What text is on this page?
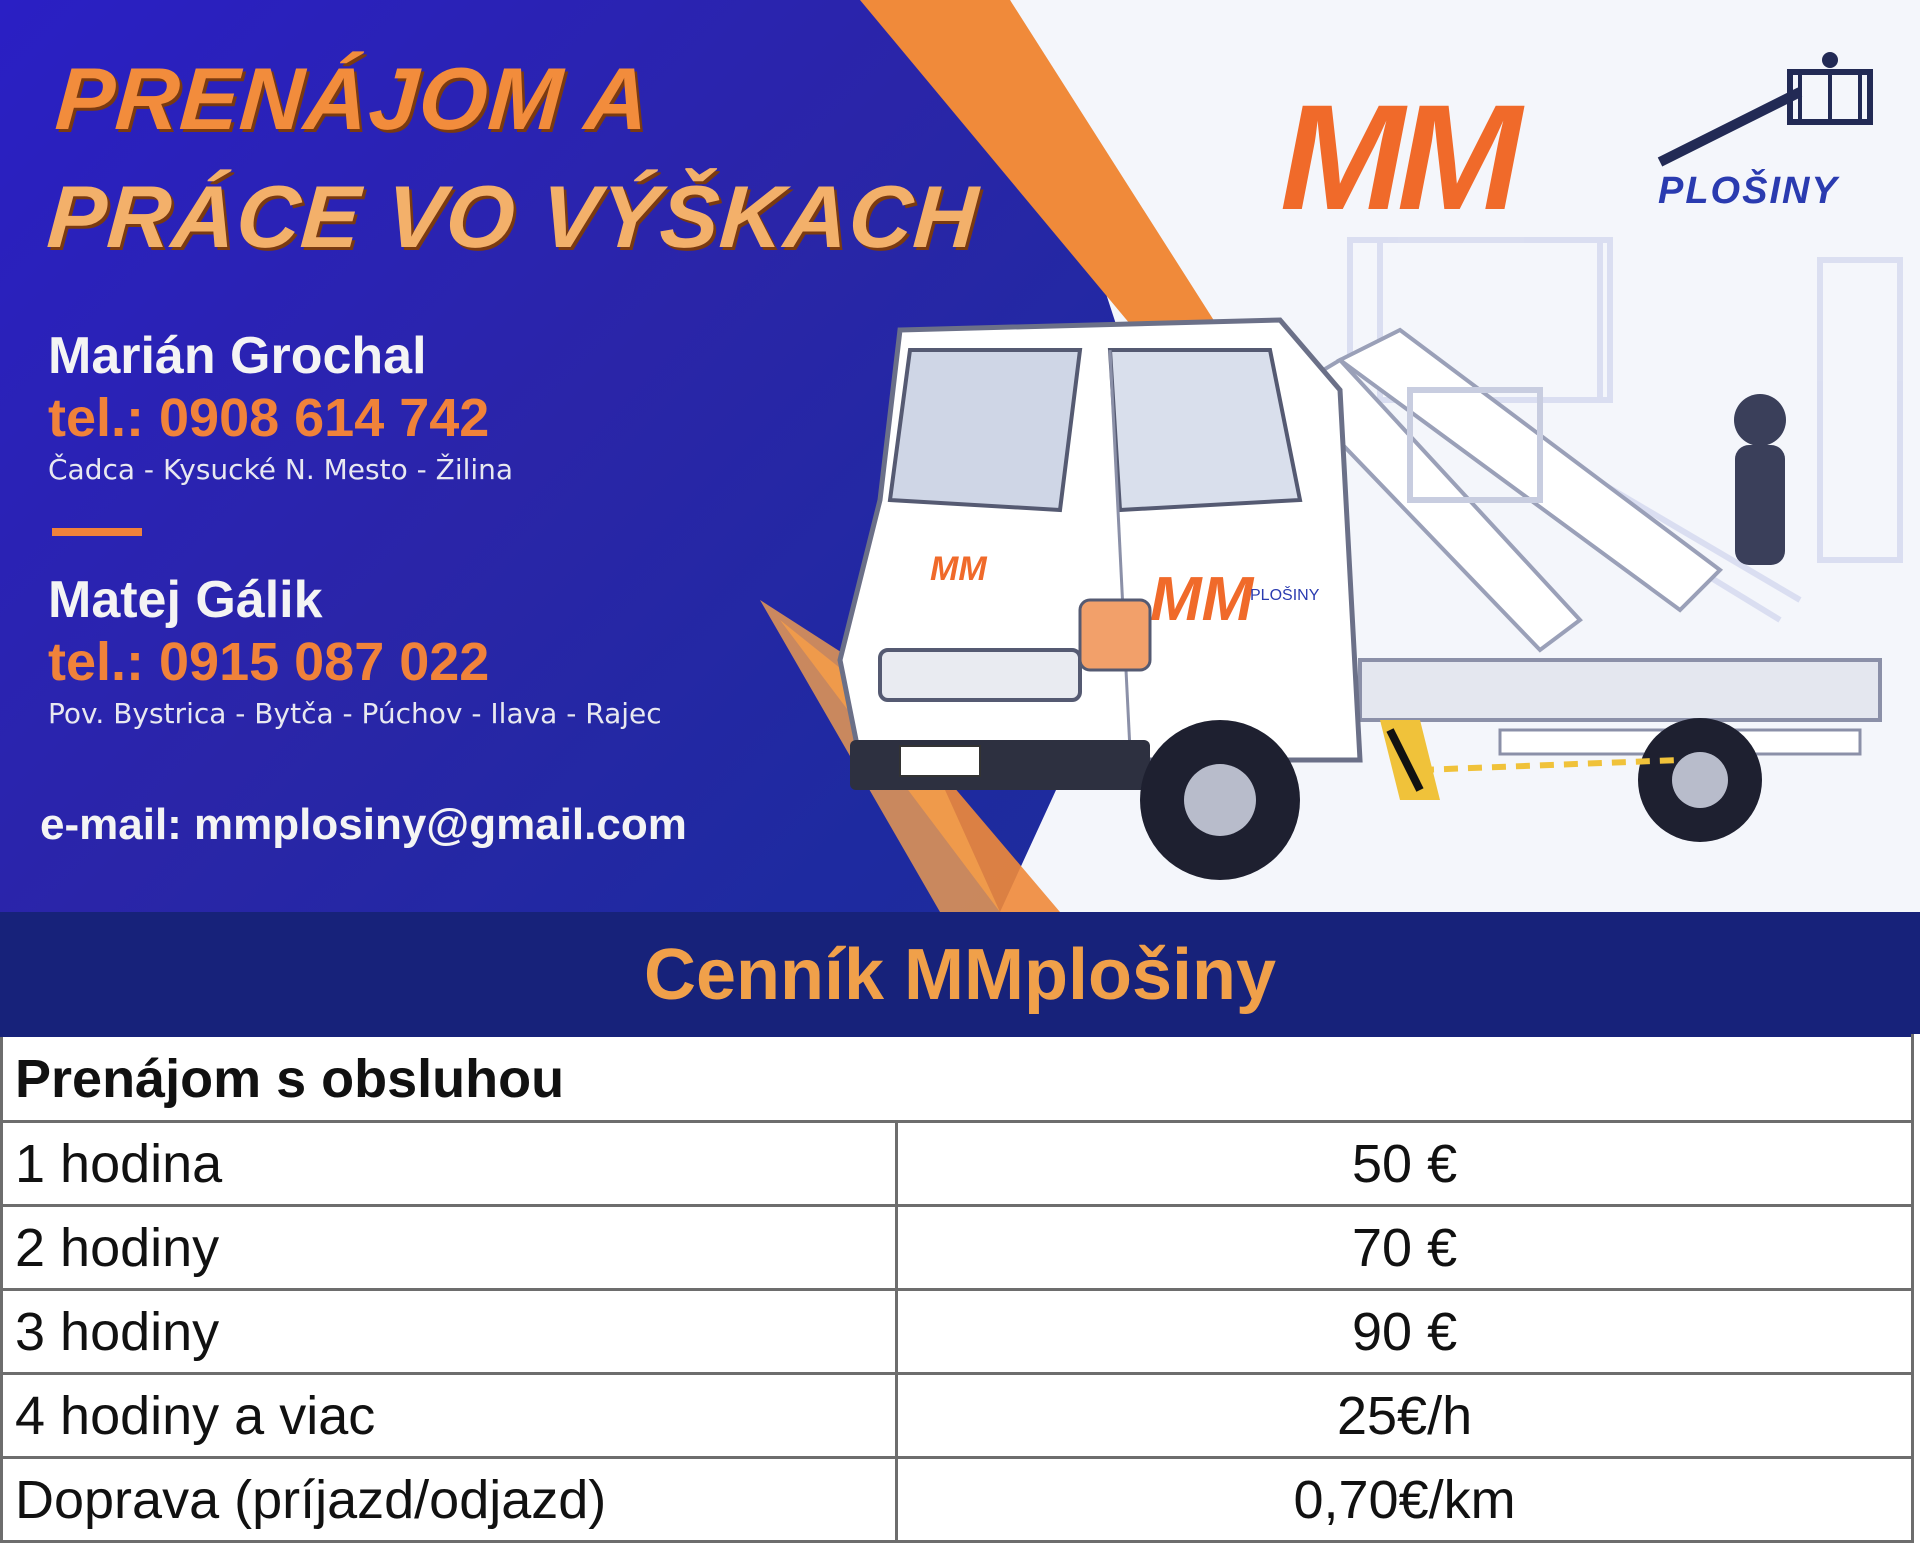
PRENÁJOM A
PRÁCE VO VÝŠKACH

Marián Grochal

tel.: 0908 614 742

Čadca - Kysucké N. Mesto - Žilina

Matej Gálik

tel.: 0915 087 022

Pov. Bystrica - Bytča - Púchov - Ilava - Rajec

e-mail: mmplosiny@gmail.com

MM	PLOŠINY
MM
PLOŠINY
MM
Cenník MMplošiny
Prenájom s obsluhou	
1 hodina	50 €
2 hodiny	70 €
3 hodiny	90 €
4 hodiny a viac	25€/h
Doprava (príjazd/odjazd)	0,70€/km
